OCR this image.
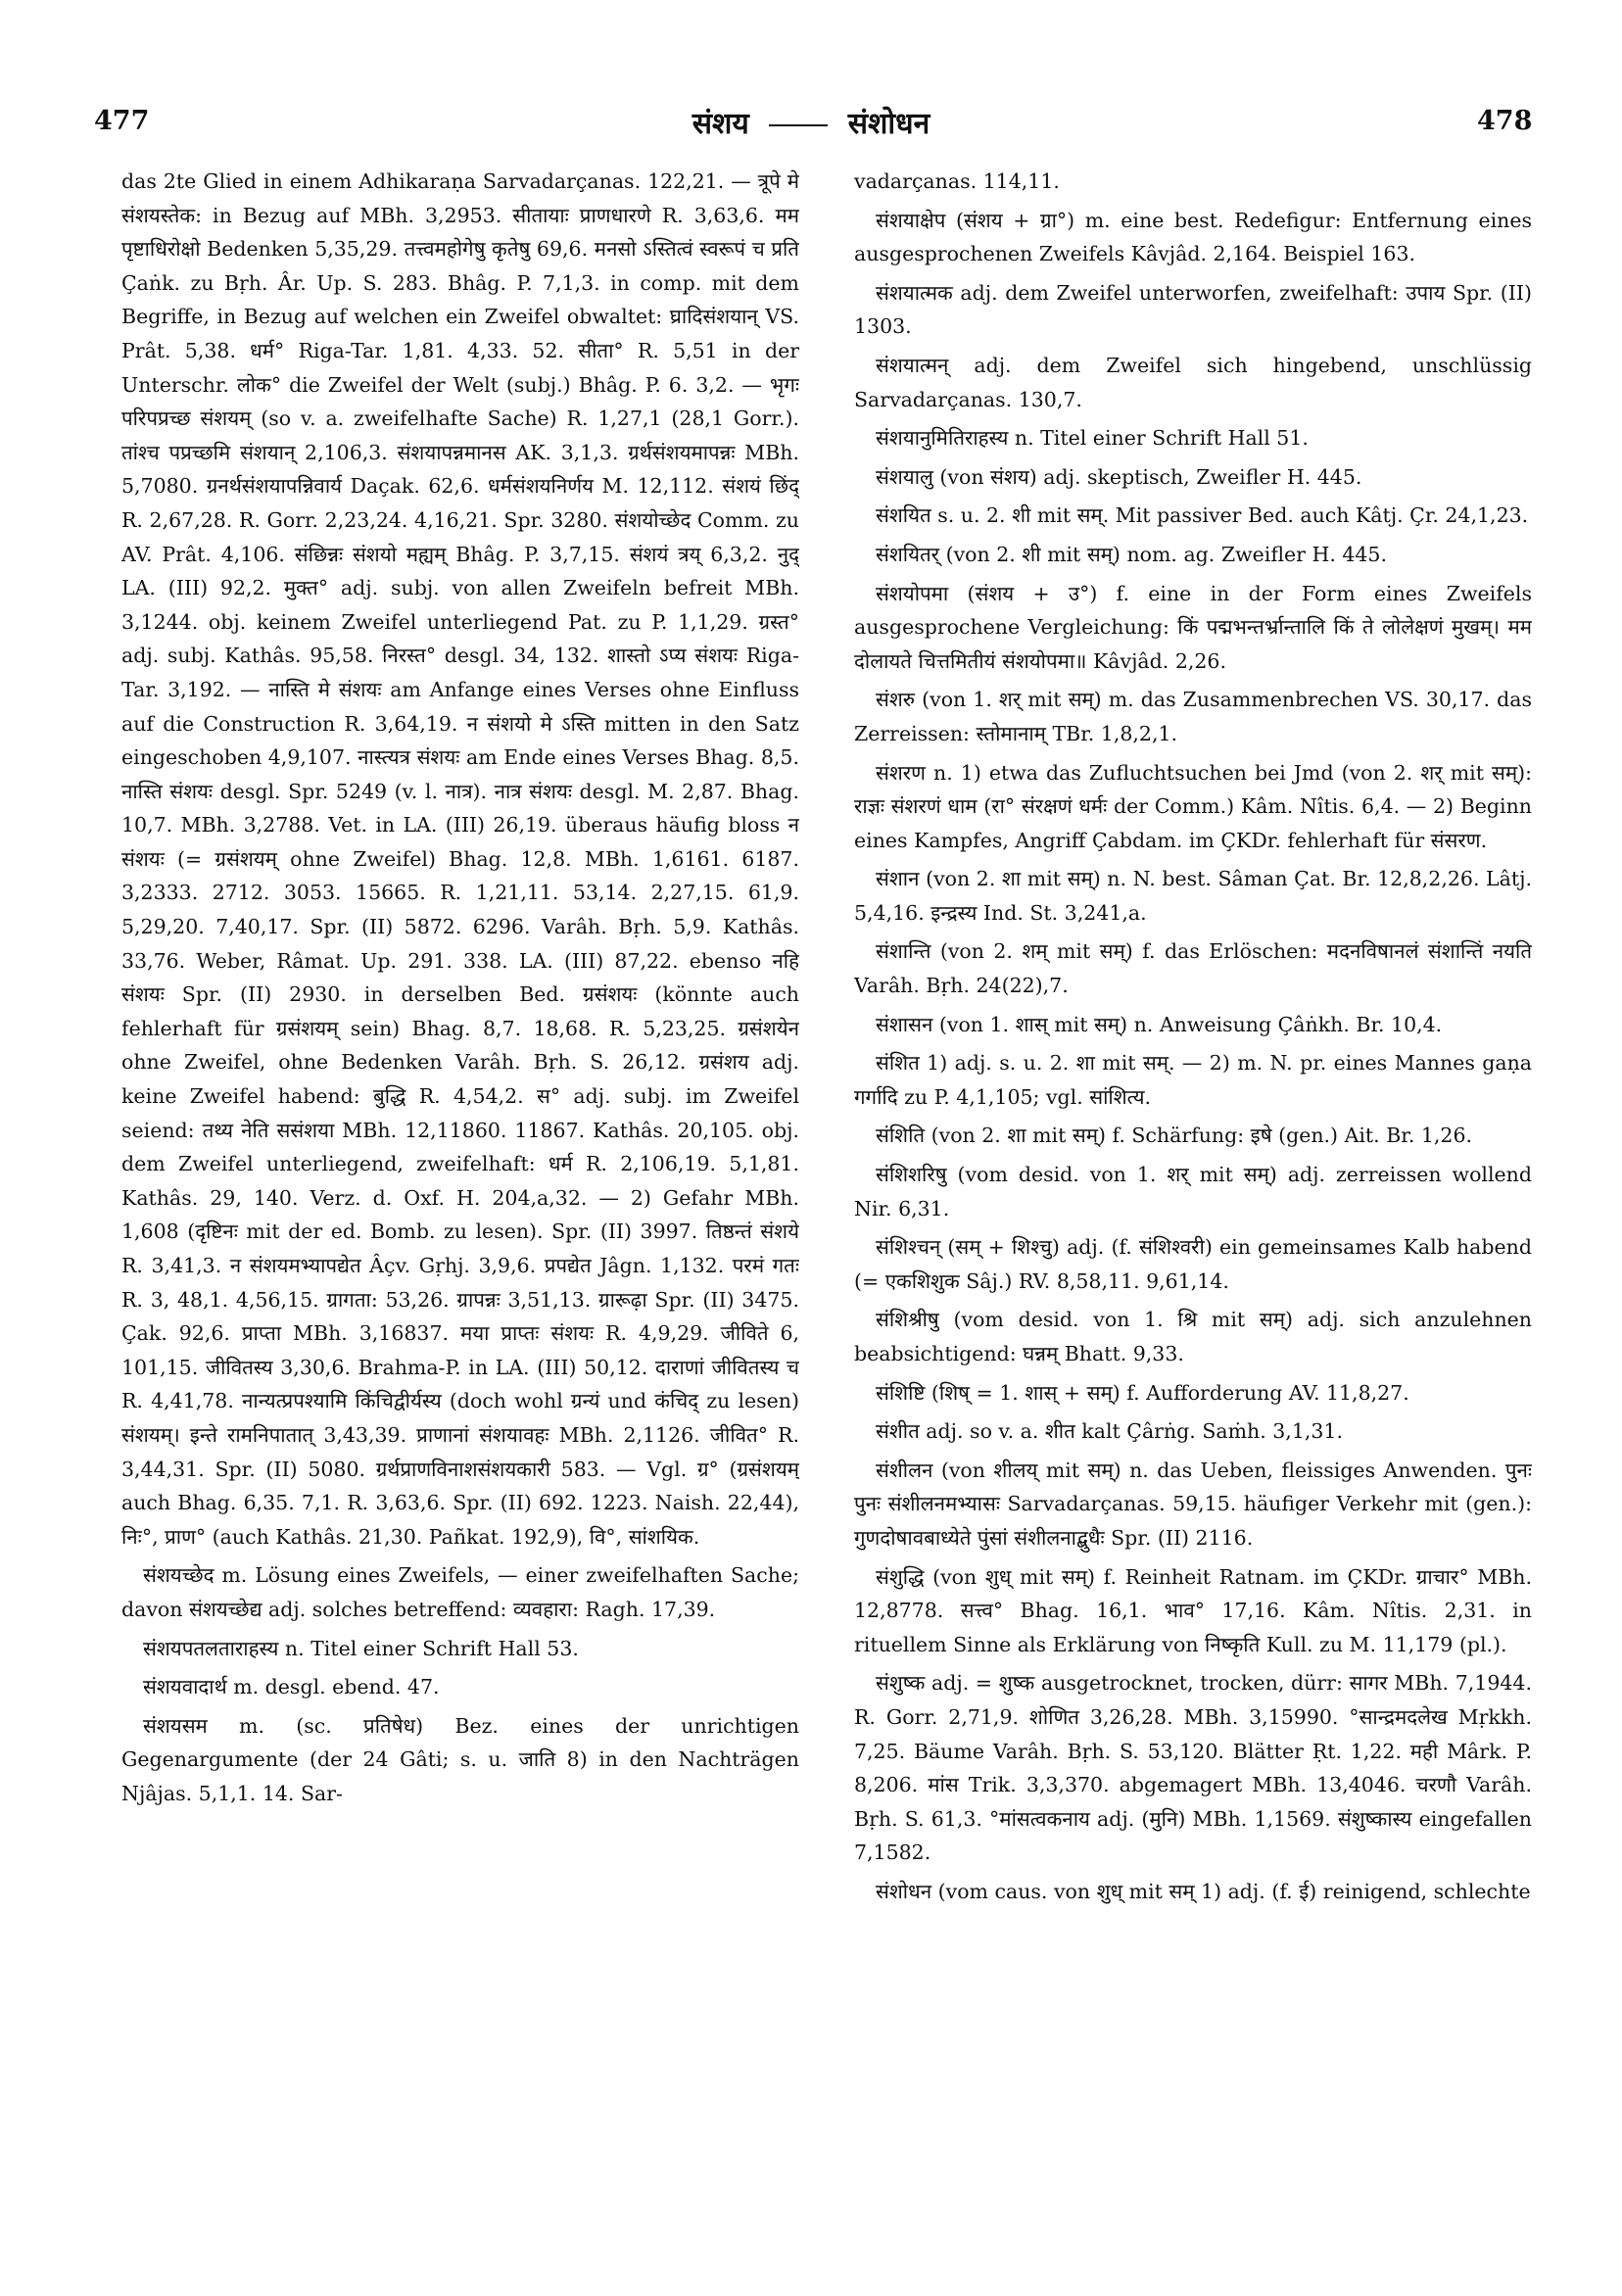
477	संशय	संशोधन	478

das 2te Glied in einem Adhikaraṇa Sarvadarçanas. 122,21. — त्रूपे मे संशयस्तेक: in Bezug auf MBh. 3,2953. सीतायाः प्राणधारणे R. 3,63,6. मम पृष्टाधिरोक्षो Bedenken 5,35,29. तत्त्वमहोगेषु कृतेषु 69,6. मनसो ऽस्तित्वं स्वरूपं च प्रति Çaṅk. zu Bṛh. Âr. Up. S. 283. Bhâg. P. 7,1,3. in comp. mit dem Begriffe, in Bezug auf welchen ein Zweifel obwaltet: घ्रादिसंशयान् VS. Prât. 5,38. धर्म° Riga-Tar. 1,81. 4,33. 52. सीता° R. 5,51 in der Unterschr. लोक° die Zweifel der Welt (subj.) Bhâg. P. 6. 3,2. — भृगः परिपप्रच्छ संशयम् (so v. a. zweifelhafte Sache) R. 1,27,1 (28,1 Gorr.). तांश्च पप्रच्छमि संशयान् 2,106,3. संशयापन्नमानस AK. 3,1,3. ग्रर्थसंशयमापन्नः MBh. 5,7080. ग्रनर्थसंशयापन्निवार्य Daçak. 62,6. धर्मसंशयनिर्णय M. 12,112. संशयं छिंद् R. 2,67,28. R. Gorr. 2,23,24. 4,16,21. Spr. 3280. संशयोच्छेद Comm. zu AV. Prât. 4,106. संछिन्नः संशयो मह्यम् Bhâg. P. 3,7,15. संशयं त्रय् 6,3,2. नुद् LA. (III) 92,2. मुक्त° adj. subj. von allen Zweifeln befreit MBh. 3,1244. obj. keinem Zweifel unterliegend Pat. zu P. 1,1,29. ग्रस्त° adj. subj. Kathâs. 95,58. निरस्त° desgl. 34, 132. शास्तो ऽप्य संशयः Riga-Tar. 3,192. — नास्ति मे संशयः am Anfange eines Verses ohne Einfluss auf die Construction R. 3,64,19. न संशयो मे ऽस्ति mitten in den Satz eingeschoben 4,9,107. नास्त्यत्र संशयः am Ende eines Verses Bhag. 8,5. नास्ति संशयः desgl. Spr. 5249 (v. l. नात्र). नात्र संशयः desgl. M. 2,87. Bhag. 10,7. MBh. 3,2788. Vet. in LA. (III) 26,19. überaus häufig bloss न संशयः (= ग्रसंशयम् ohne Zweifel) Bhag. 12,8. MBh. 1,6161. 6187. 3,2333. 2712. 3053. 15665. R. 1,21,11. 53,14. 2,27,15. 61,9. 5,29,20. 7,40,17. Spr. (II) 5872. 6296. Varâh. Bṛh. 5,9. Kathâs. 33,76. Weber, Râmat. Up. 291. 338. LA. (III) 87,22. ebenso नहि संशयः Spr. (II) 2930. in derselben Bed. ग्रसंशयः (könnte auch fehlerhaft für ग्रसंशयम् sein) Bhag. 8,7. 18,68. R. 5,23,25. ग्रसंशयेन ohne Zweifel, ohne Bedenken Varâh. Bṛh. S. 26,12. ग्रसंशय adj. keine Zweifel habend: बुद्धि R. 4,54,2. स° adj. subj. im Zweifel seiend: तथ्य नेति ससंशया MBh. 12,11860. 11867. Kathâs. 20,105. obj. dem Zweifel unterliegend, zweifelhaft: धर्म R. 2,106,19. 5,1,81. Kathâs. 29, 140. Verz. d. Oxf. H. 204,a,32. — 2) Gefahr MBh. 1,608 (दृष्टिनः mit der ed. Bomb. zu lesen). Spr. (II) 3997. तिष्ठन्तं संशये R. 3,41,3. न संशयमभ्यापद्येत Âçv. Gṛhj. 3,9,6. प्रपद्येत Jâgn. 1,132. परमं गतः R. 3, 48,1. 4,56,15. ग्रागता: 53,26. ग्रापन्नः 3,51,13. ग्रारूढ़ा Spr. (II) 3475. Çak. 92,6. प्राप्ता MBh. 3,16837. मया प्राप्तः संशयः R. 4,9,29. जीविते 6, 101,15. जीवितस्य 3,30,6. Brahma-P. in LA. (III) 50,12. दाराणां जीवितस्य च R. 4,41,78. नान्यत्प्रपश्यामि किंचिद्वीर्यस्य (doch wohl ग्रन्यं und कंचिद् zu lesen) संशयम्। इन्ते रामनिपातात् 3,43,39. प्राणानां संशयावहः MBh. 2,1126. जीवित° R. 3,44,31. Spr. (II) 5080. ग्रर्थप्राणविनाशसंशयकारी 583. — Vgl. ग्र° (ग्रसंशयम् auch Bhag. 6,35. 7,1. R. 3,63,6. Spr. (II) 692. 1223. Naish. 22,44), निः°, प्राण° (auch Kathâs. 21,30. Pañkat. 192,9), वि°, सांशयिक.

संशयच्छेद m. Lösung eines Zweifels, — einer zweifelhaften Sache; davon संशयच्छेद्य adj. solches betreffend: व्यवहारा: Ragh. 17,39.

संशयपतलताराहस्य n. Titel einer Schrift Hall 53.

संशयवादार्थ m. desgl. ebend. 47.

संशयसम m. (sc. प्रतिषेध) Bez. eines der unrichtigen Gegenargumente (der 24 Gâti; s. u. जाति 8) in den Nachträgen Njâjas. 5,1,1. 14. Sar-

vadarçanas. 114,11.

संशयाक्षेप (संशय + ग्रा°) m. eine best. Redefigur: Entfernung eines ausgesprochenen Zweifels Kâvjâd. 2,164. Beispiel 163.

संशयात्मक adj. dem Zweifel unterworfen, zweifelhaft: उपाय Spr. (II) 1303.

संशयात्मन् adj. dem Zweifel sich hingebend, unschlüssig Sarvadarçanas. 130,7.

संशयानुमितिराहस्य n. Titel einer Schrift Hall 51.

संशयालु (von संशय) adj. skeptisch, Zweifler H. 445.

संशयित s. u. 2. शी mit सम्. Mit passiver Bed. auch Kâtj. Çr. 24,1,23.

संशयितर् (von 2. शी mit सम्) nom. ag. Zweifler H. 445.

संशयोपमा (संशय + उ°) f. eine in der Form eines Zweifels ausgesprochene Vergleichung: किं पद्मभन्तर्भ्रान्तालि किं ते लोलेक्षणं मुखम्। मम दोलायते चित्तमितीयं संशयोपमा॥ Kâvjâd. 2,26.

संशरु (von 1. शर् mit सम्) m. das Zusammenbrechen VS. 30,17. das Zerreissen: स्तोमानाम् TBr. 1,8,2,1.

संशरण n. 1) etwa das Zufluchtsuchen bei Jmd (von 2. शर् mit सम्): राज्ञः संशरणं धाम (रा° संरक्षणं धर्मः der Comm.) Kâm. Nîtis. 6,4. — 2) Beginn eines Kampfes, Angriff Çabdam. im ÇKDr. fehlerhaft für संसरण.

संशान (von 2. शा mit सम्) n. N. best. Sâman Çat. Br. 12,8,2,26. Lâtj. 5,4,16. इन्द्रस्य Ind. St. 3,241,a.

संशान्ति (von 2. शम् mit सम्) f. das Erlöschen: मदनविषानलं संशान्तिं नयति Varâh. Bṛh. 24(22),7.

संशासन (von 1. शास् mit सम्) n. Anweisung Çâṅkh. Br. 10,4.

संशित 1) adj. s. u. 2. शा mit सम्. — 2) m. N. pr. eines Mannes gaṇa गर्गादि zu P. 4,1,105; vgl. सांशित्य.

संशिति (von 2. शा mit सम्) f. Schärfung: इषे (gen.) Ait. Br. 1,26.

संशिशरिषु (vom desid. von 1. शर् mit सम्) adj. zerreissen wollend Nir. 6,31.

संशिश्चन् (सम् + शिश्चु) adj. (f. संशिश्वरी) ein gemeinsames Kalb habend (= एकशिशुक Sâj.) RV. 8,58,11. 9,61,14.

संशिश्रीषु (vom desid. von 1. श्रि mit सम्) adj. sich anzulehnen beabsichtigend: घन्नम् Bhatt. 9,33.

संशिष्टि (शिष् = 1. शास् + सम्) f. Aufforderung AV. 11,8,27.

संशीत adj. so v. a. शीत kalt Çârṅg. Saṁh. 3,1,31.

संशीलन (von शीलय् mit सम्) n. das Ueben, fleissiges Anwenden. पुनः पुनः संशीलनमभ्यासः Sarvadarçanas. 59,15. häufiger Verkehr mit (gen.): गुणदोषावबाध्येते पुंसां संशीलनाद्बुधैः Spr. (II) 2116.

संशुद्धि (von शुध् mit सम्) f. Reinheit Ratnam. im ÇKDr. ग्राचार° MBh. 12,8778. सत्त्व° Bhag. 16,1. भाव° 17,16. Kâm. Nîtis. 2,31. in rituellem Sinne als Erklärung von निष्कृति Kull. zu M. 11,179 (pl.).

संशुष्क adj. = शुष्क ausgetrocknet, trocken, dürr: सागर MBh. 7,1944. R. Gorr. 2,71,9. शोणित 3,26,28. MBh. 3,15990. °सान्द्रमदलेख Mṛkkh. 7,25. Bäume Varâh. Bṛh. S. 53,120. Blätter Ṛt. 1,22. मही Mârk. P. 8,206. मांस Trik. 3,3,370. abgemagert MBh. 13,4046. चरणौ Varâh. Bṛh. S. 61,3. °मांसत्वकनाय adj. (मुनि) MBh. 1,1569. संशुष्कास्य eingefallen 7,1582.

संशोधन (vom caus. von शुध् mit सम् 1) adj. (f. ई) reinigend, schlechte
